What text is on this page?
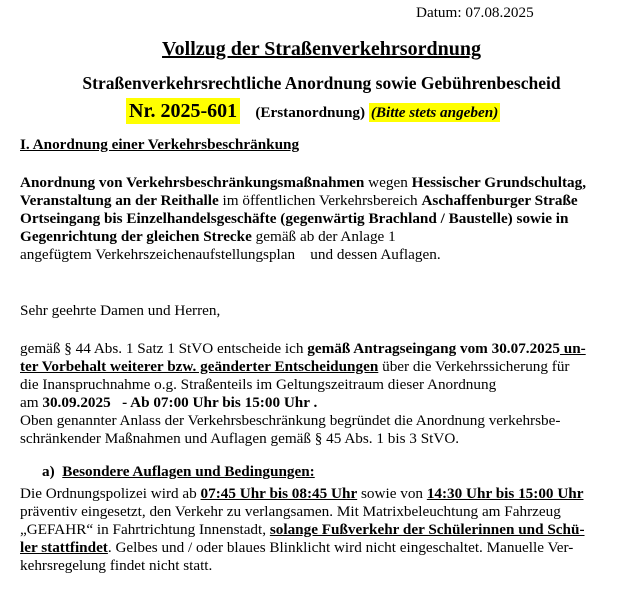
Datum: 07.08.2025
Vollzug der Straßenverkehrsordnung
Straßenverkehrsrechtliche Anordnung sowie Gebührenbescheid
Nr. 2025-601 (Erstanordnung) (Bitte stets angeben)
I. Anordnung einer Verkehrsbeschränkung
Anordnung von Verkehrsbeschränkungsmaßnahmen wegen Hessischer Grundschultag,
Veranstaltung an der Reithalle im öffentlichen Verkehrsbereich Aschaffenburger Straße
Ortseingang bis Einzelhandelsgeschäfte (gegenwärtig Brachland / Baustelle) sowie in
Gegenrichtung der gleichen Strecke gemäß ab der Anlage 1
angefügtem Verkehrszeichenaufstellungsplan    und dessen Auflagen.
Sehr geehrte Damen und Herren,
gemäß § 44 Abs. 1 Satz 1 StVO entscheide ich gemäß Antragseingang vom 30.07.2025 un-
ter Vorbehalt weiterer bzw. geänderter Entscheidungen über die Verkehrssicherung für
die Inanspruchnahme o.g. Straßenteils im Geltungszeitraum dieser Anordnung
am 30.09.2025   - Ab 07:00 Uhr bis 15:00 Uhr .
Oben genannter Anlass der Verkehrsbeschränkung begründet die Anordnung verkehrsbe-
schränkender Maßnahmen und Auflagen gemäß § 45 Abs. 1 bis 3 StVO.
a) Besondere Auflagen und Bedingungen:
Die Ordnungspolizei wird ab 07:45 Uhr bis 08:45 Uhr sowie von 14:30 Uhr bis 15:00 Uhr
präventiv eingesetzt, den Verkehr zu verlangsamen. Mit Matrixbeleuchtung am Fahrzeug
„GEFAHR“ in Fahrtrichtung Innenstadt, solange Fußverkehr der Schülerinnen und Schü-
ler stattfindet. Gelbes und / oder blaues Blinklicht wird nicht eingeschaltet. Manuelle Ver-
kehrsregelung findet nicht statt.
